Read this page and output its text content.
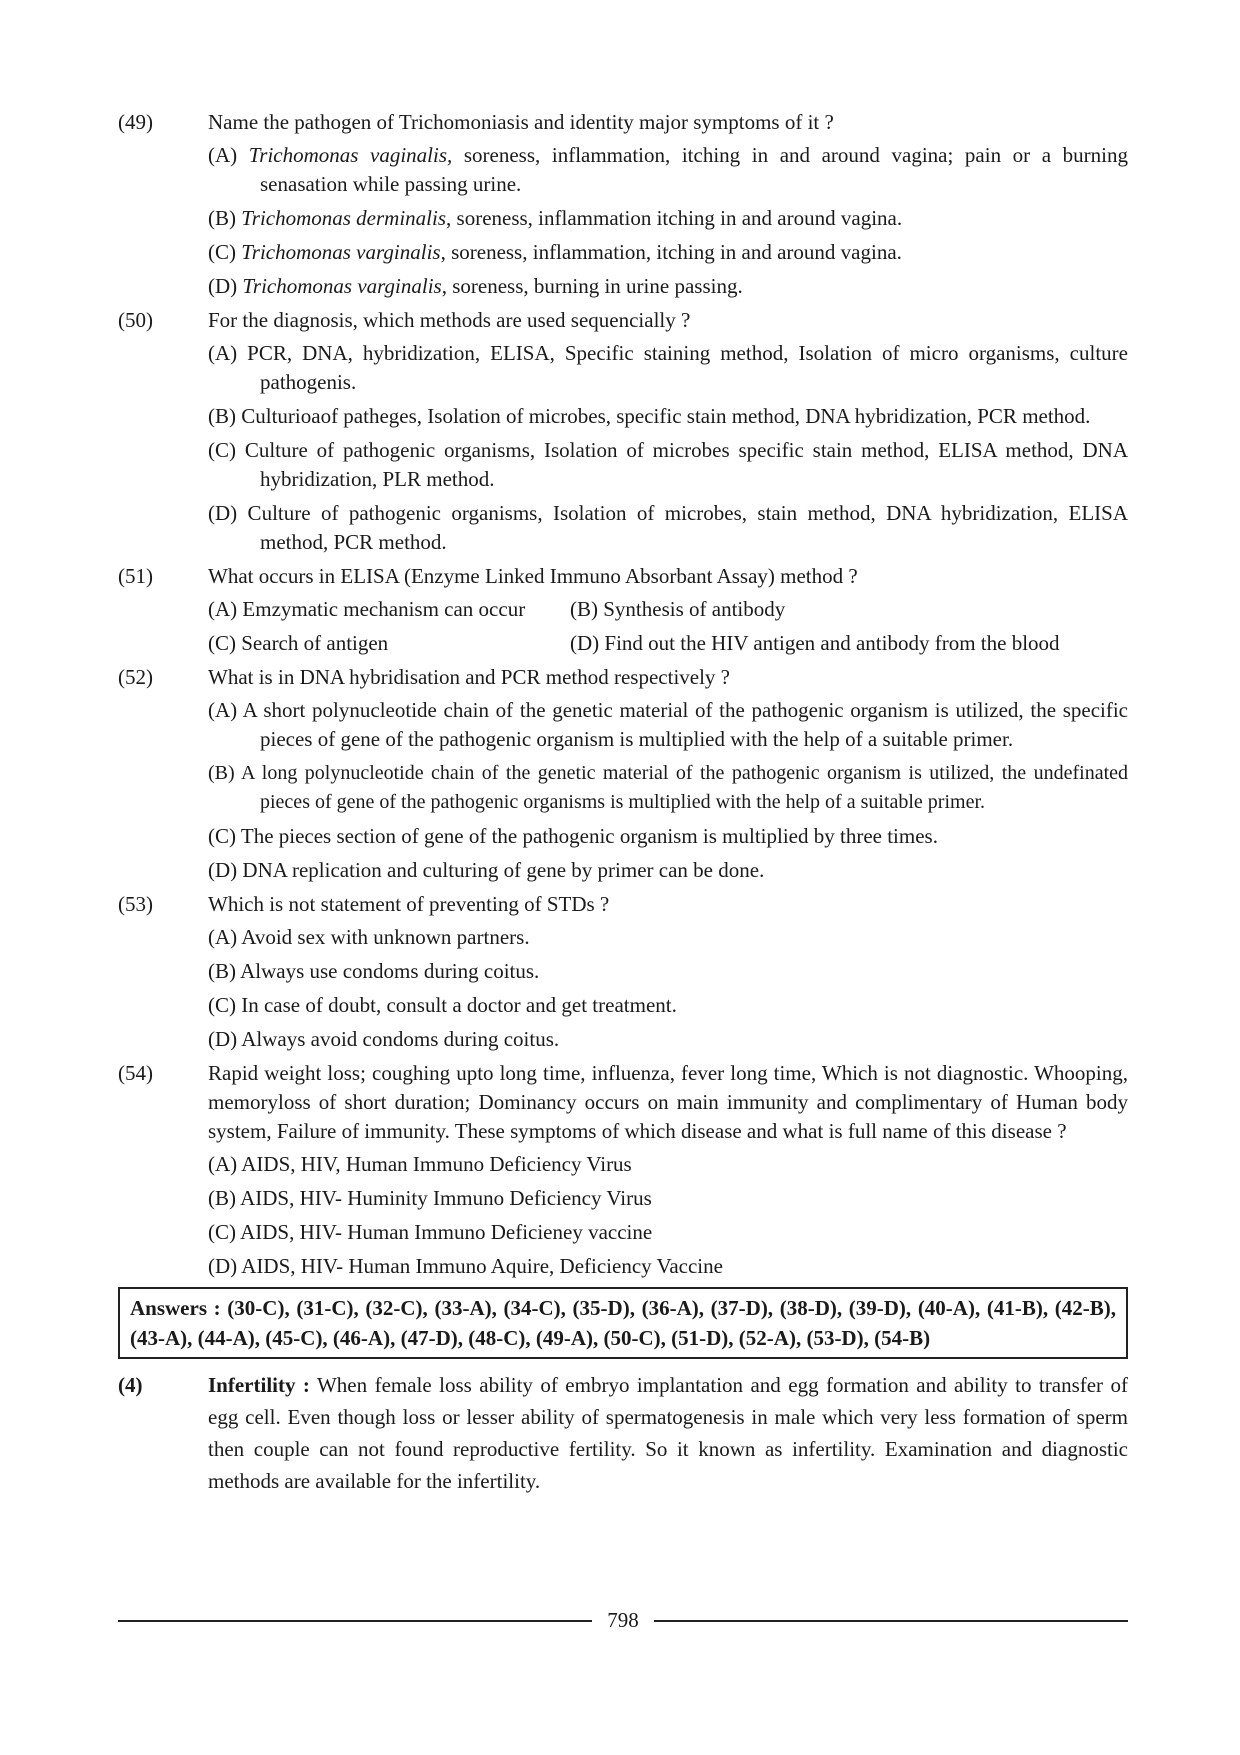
(49)	Name the pathogen of Trichomoniasis and identity major symptoms of it ?
(A) Trichomonas vaginalis, soreness, inflammation, itching in and around vagina; pain or a burning senasation while passing urine.
(B) Trichomonas derminalis, soreness, inflammation itching in and around vagina.
(C) Trichomonas varginalis, soreness, inflammation, itching in and around vagina.
(D) Trichomonas varginalis, soreness, burning in urine passing.
(50)	For the diagnosis, which methods are used sequencially ?
(A) PCR, DNA, hybridization, ELISA, Specific staining method, Isolation of micro organisms, culture pathogenis.
(B) Culturioaof patheges, Isolation of microbes, specific stain method, DNA hybridization, PCR method.
(C) Culture of pathogenic organisms, Isolation of microbes specific stain method, ELISA method, DNA hybridization, PLR method.
(D) Culture of pathogenic organisms, Isolation of microbes, stain method, DNA hybridization, ELISA method, PCR method.
(51)	What occurs in ELISA (Enzyme Linked Immuno Absorbant Assay) method ?
(A) Emzymatic mechanism can occur	(B) Synthesis of antibody
(C) Search of antigen	(D) Find out the HIV antigen and antibody from the blood
(52)	What is in DNA hybridisation and PCR method respectively ?
(A) A short polynucleotide chain of the genetic material of the pathogenic organism is utilized, the specific pieces of gene of the pathogenic organism is multiplied with the help of a suitable primer.
(B) A long polynucleotide chain of the genetic material of the pathogenic organism is utilized, the undefinated pieces of gene of the pathogenic organisms is multiplied with the help of a suitable primer.
(C) The pieces section of gene of the pathogenic organism is multiplied by three times.
(D) DNA replication and culturing of gene by primer can be done.
(53)	Which is not statement of preventing of STDs ?
(A) Avoid sex with unknown partners.
(B) Always use condoms during coitus.
(C) In case of doubt, consult a doctor and get treatment.
(D) Always avoid condoms during coitus.
(54)	Rapid weight loss; coughing upto long time, influenza, fever long time, Which is not diagnostic. Whooping, memoryloss of short duration; Dominancy occurs on main immunity and complimentary of Human body system, Failure of immunity. These symptoms of which disease and what is full name of this disease ?
(A) AIDS, HIV, Human Immuno Deficiency Virus
(B) AIDS, HIV- Huminity Immuno Deficiency Virus
(C) AIDS, HIV- Human Immuno Deficieney vaccine
(D) AIDS, HIV- Human Immuno Aquire, Deficiency Vaccine
Answers : (30-C), (31-C), (32-C), (33-A), (34-C), (35-D), (36-A), (37-D), (38-D), (39-D), (40-A), (41-B), (42-B), (43-A), (44-A), (45-C), (46-A), (47-D), (48-C), (49-A), (50-C), (51-D), (52-A), (53-D), (54-B)
(4)	Infertility : When female loss ability of embryo implantation and egg formation and ability to transfer of egg cell. Even though loss or lesser ability of spermatogenesis in male which very less formation of sperm then couple can not found reproductive fertility. So it known as infertility. Examination and diagnostic methods are available for the infertility.
798
